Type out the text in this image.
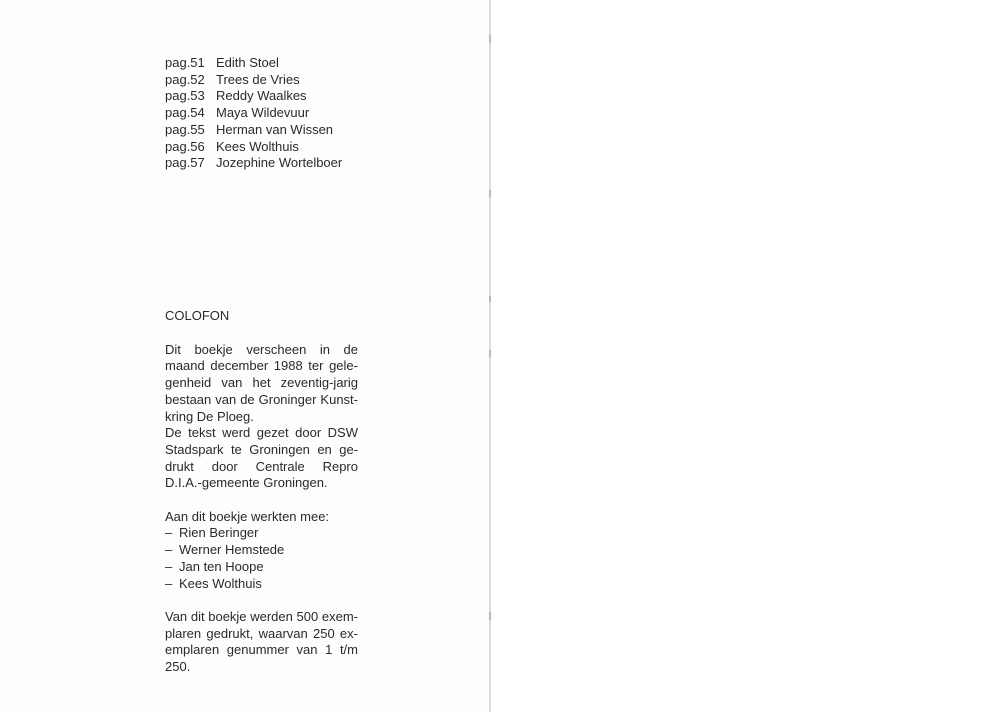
pag.51 Edith Stoel
pag.52 Trees de Vries
pag.53 Reddy Waalkes
pag.54 Maya Wildevuur
pag.55 Herman van Wissen
pag.56 Kees Wolthuis
pag.57 Jozephine Wortelboer

COLOFON

Dit boekje verscheen in de
maand december 1988 ter gele-
genheid van het zeventig-jarig
bestaan van de Groninger Kunst-
kring De Ploeg.
De tekst werd gezet door DSW
Stadspark te Groningen en ge-
drukt door Centrale Repro
D.I.A.-gemeente Groningen.

Aan dit boekje werkten mee:

– Rien Beringer
– Werner Hemstede
– Jan ten Hoope
– Kees Wolthuis
Van dit boekje werden 500 exem-
plaren gedrukt, waarvan 250 ex-
emplaren genummer van 1 t/m
250.
